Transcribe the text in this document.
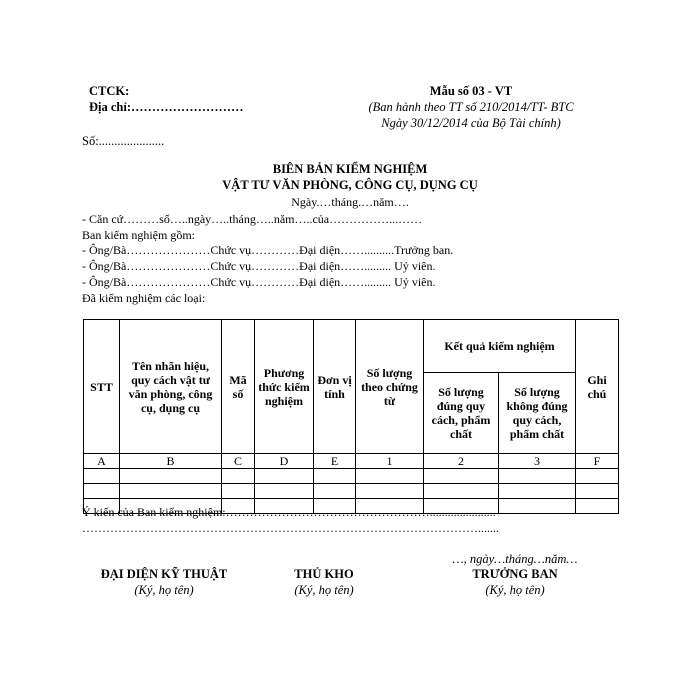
CTCK:
Địa chỉ:………………………
Mẫu số 03 - VT
(Ban hành theo TT số 210/2014/TT- BTC
Ngày 30/12/2014 của Bộ Tài chính)
Số:.....................
BIÊN BẢN KIỂM NGHIỆM
VẬT TƯ VĂN PHÒNG, CÔNG CỤ, DỤNG CỤ
Ngày.…tháng.…năm….
- Căn cứ………số…..ngày…..tháng…..năm…..của……………...……
Ban kiểm nghiệm gồm:
- Ông/Bà…………………Chức vụ…………Đại diện……..........Trưởng ban.
- Ông/Bà…………………Chức vụ…………Đại diện……......... Uỷ viên.
- Ông/Bà…………………Chức vụ…………Đại diện……......... Uỷ viên.
Đã kiểm nghiệm các loại:
STT	Tên nhãn hiệu, quy cách vật tư văn phòng, công cụ, dụng cụ	Mã số	Phương thức kiểm nghiệm	Đơn vị tính	Số lượng theo chứng từ	Kết quả kiểm nghiệm		Ghi chú
						Số lượng đúng quy cách, phẩm chất	Số lượng không đúng quy cách, phẩm chất	
A	B	C	D	E	1	2	3	F

Ý kiến của Ban kiểm nghiệm:……………………………………………......................
……………………………………………………………………………………….......
…, ngày…tháng…năm…
ĐẠI DIỆN KỸ THUẬT
(Ký, họ tên)
THỦ KHO
(Ký, họ tên)
TRƯỞNG BAN
(Ký, họ tên)
